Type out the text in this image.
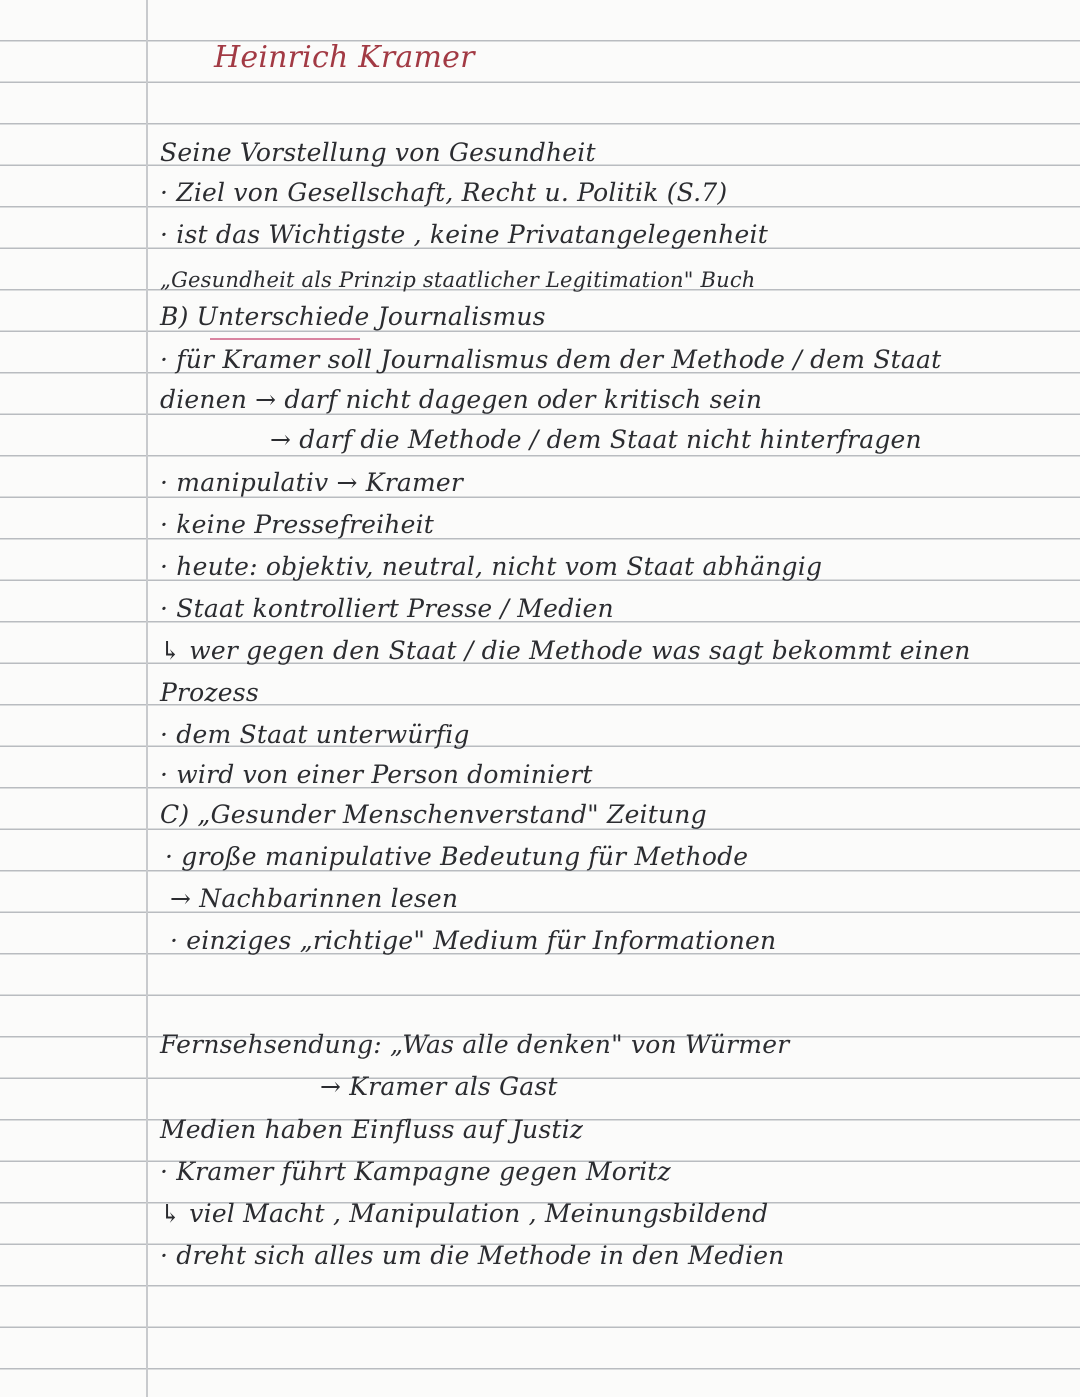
Heinrich Kramer
Seine Vorstellung von Gesundheit
· Ziel von Gesellschaft, Recht u. Politik (S.7)
· ist das Wichtigste , keine Privatangelegenheit
„Gesundheit als Prinzip staatlicher Legitimation" Buch
B) Unterschiede Journalismus
· für Kramer soll Journalismus dem der Methode / dem Staat
dienen → darf nicht dagegen oder kritisch sein
→ darf die Methode / dem Staat nicht hinterfragen
· manipulativ → Kramer
· keine Pressefreiheit
· heute: objektiv, neutral, nicht vom Staat abhängig
· Staat kontrolliert Presse / Medien
↳ wer gegen den Staat / die Methode was sagt bekommt einen
Prozess
· dem Staat unterwürfig
· wird von einer Person dominiert
C) „Gesunder Menschenverstand" Zeitung
· große manipulative Bedeutung für Methode
→ Nachbarinnen lesen
· einziges „richtige" Medium für Informationen
Fernsehsendung: „Was alle denken" von Würmer
→ Kramer als Gast
Medien haben Einfluss auf Justiz
· Kramer führt Kampagne gegen Moritz
↳ viel Macht , Manipulation , Meinungsbildend
· dreht sich alles um die Methode in den Medien
